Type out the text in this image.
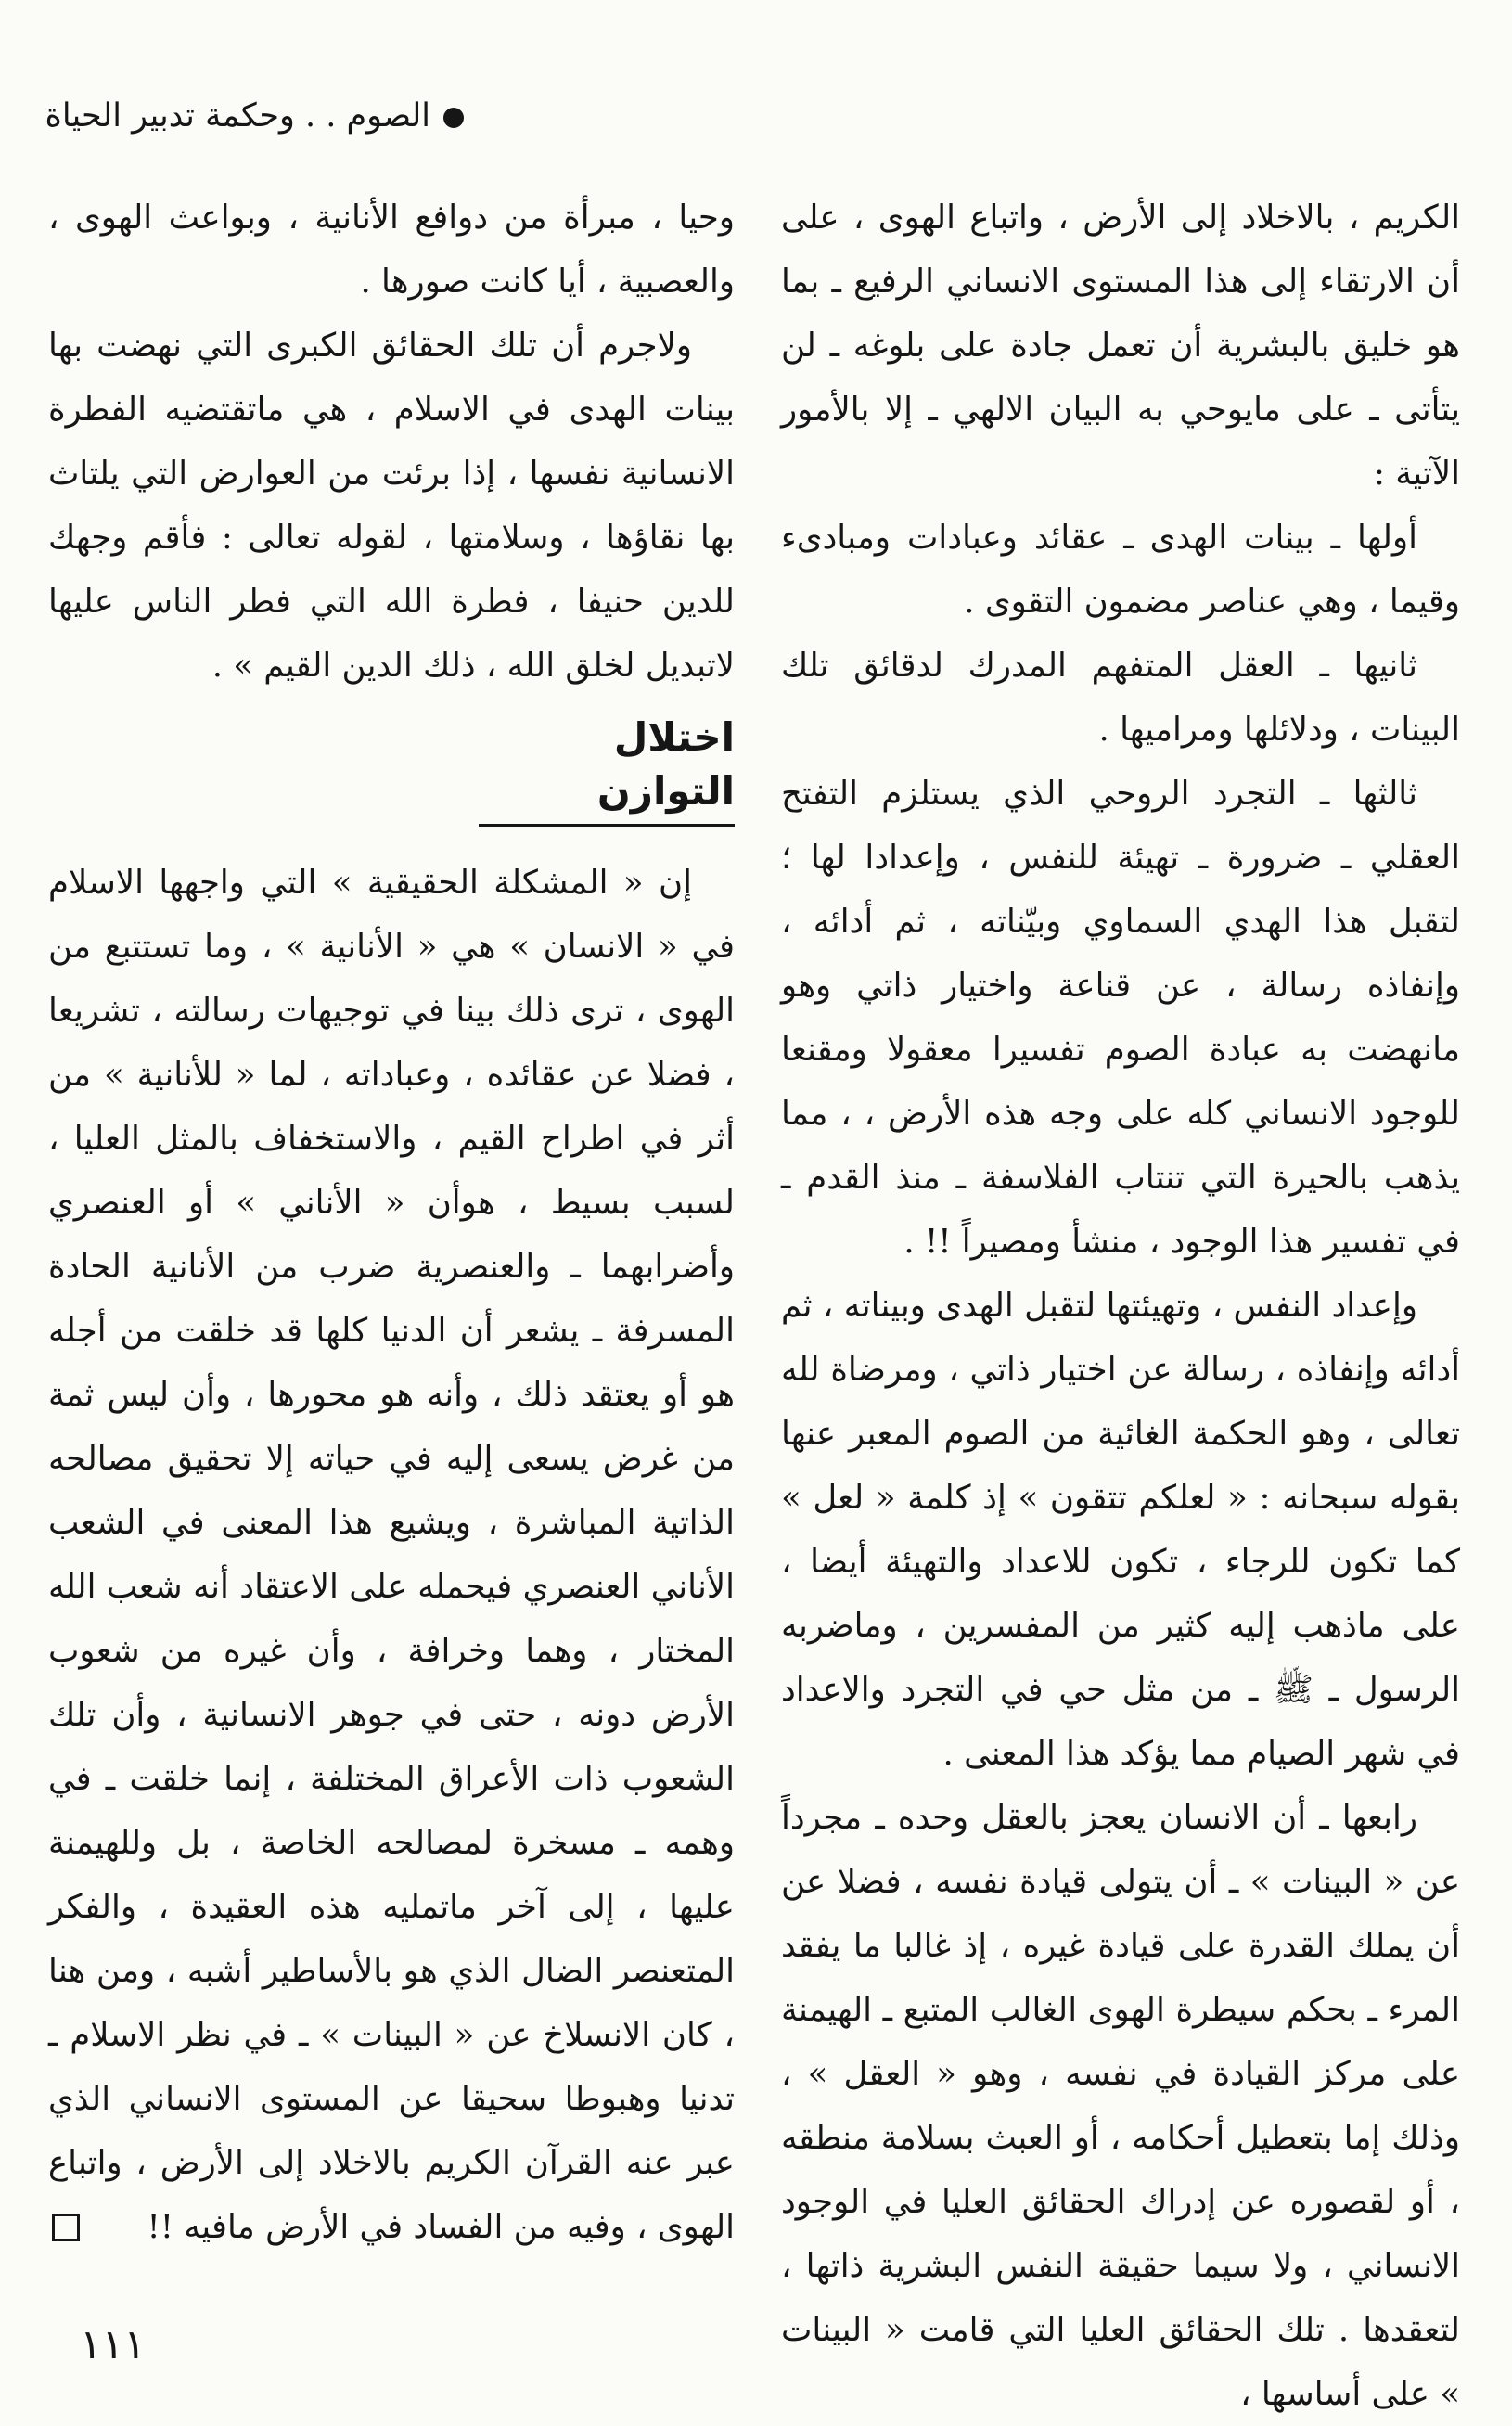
الصوم . . وحكمة تدبير الحياة

الكريم ، بالاخلاد إلى الأرض ، واتباع الهوى ، على أن الارتقاء إلى هذا المستوى الانساني الرفيع ـ بما هو خليق بالبشرية أن تعمل جادة على بلوغه ـ لن يتأتى ـ على مايوحي به البيان الالهي ـ إلا بالأمور الآتية :

أولها ـ بينات الهدى ـ عقائد وعبادات ومبادىء وقيما ، وهي عناصر مضمون التقوى .

ثانيها ـ العقل المتفهم المدرك لدقائق تلك البينات ، ودلائلها ومراميها .

ثالثها ـ التجرد الروحي الذي يستلزم التفتح العقلي ـ ضرورة ـ تهيئة للنفس ، وإعدادا لها ؛ لتقبل هذا الهدي السماوي وبيّناته ، ثم أدائه ، وإنفاذه رسالة ، عن قناعة واختيار ذاتي وهو مانهضت به عبادة الصوم تفسيرا معقولا ومقنعا للوجود الانساني كله على وجه هذه الأرض ، ، مما يذهب بالحيرة التي تنتاب الفلاسفة ـ منذ القدم ـ في تفسير هذا الوجود ، منشأ ومصيراً !! .

وإعداد النفس ، وتهيئتها لتقبل الهدى وبيناته ، ثم أدائه وإنفاذه ، رسالة عن اختيار ذاتي ، ومرضاة لله تعالى ، وهو الحكمة الغائية من الصوم المعبر عنها بقوله سبحانه : « لعلكم تتقون » إذ كلمة « لعل » كما تكون للرجاء ، تكون للاعداد والتهيئة أيضا ، على ماذهب إليه كثير من المفسرين ، وماضربه الرسول ـ ﷺ ـ من مثل حي في التجرد والاعداد في شهر الصيام مما يؤكد هذا المعنى .

رابعها ـ أن الانسان يعجز بالعقل وحده ـ مجرداً عن « البينات » ـ أن يتولى قيادة نفسه ، فضلا عن أن يملك القدرة على قيادة غيره ، إذ غالبا ما يفقد المرء ـ بحكم سيطرة الهوى الغالب المتبع ـ الهيمنة على مركز القيادة في نفسه ، وهو « العقل » ، وذلك إما بتعطيل أحكامه ، أو العبث بسلامة منطقه ، أو لقصوره عن إدراك الحقائق العليا في الوجود الانساني ، ولا سيما حقيقة النفس البشرية ذاتها ، لتعقدها . تلك الحقائق العليا التي قامت « البينات » على أساسها ،

وحيا ، مبرأة من دوافع الأنانية ، وبواعث الهوى ، والعصبية ، أيا كانت صورها .

ولاجرم أن تلك الحقائق الكبرى التي نهضت بها بينات الهدى في الاسلام ، هي ماتقتضيه الفطرة الانسانية نفسها ، إذا برئت من العوارض التي يلتاث بها نقاؤها ، وسلامتها ، لقوله تعالى : فأقم وجهك للدين حنيفا ، فطرة الله التي فطر الناس عليها لاتبديل لخلق الله ، ذلك الدين القيم » .

اختلال التوازن

إن « المشكلة الحقيقية » التي واجهها الاسلام في « الانسان » هي « الأنانية » ، وما تستتبع من الهوى ، ترى ذلك بينا في توجيهات رسالته ، تشريعا ، فضلا عن عقائده ، وعباداته ، لما « للأنانية » من أثر في اطراح القيم ، والاستخفاف بالمثل العليا ، لسبب بسيط ، هوأن « الأناني » أو العنصري وأضرابهما ـ والعنصرية ضرب من الأنانية الحادة المسرفة ـ يشعر أن الدنيا كلها قد خلقت من أجله هو أو يعتقد ذلك ، وأنه هو محورها ، وأن ليس ثمة من غرض يسعى إليه في حياته إلا تحقيق مصالحه الذاتية المباشرة ، ويشيع هذا المعنى في الشعب الأناني العنصري فيحمله على الاعتقاد أنه شعب الله المختار ، وهما وخرافة ، وأن غيره من شعوب الأرض دونه ، حتى في جوهر الانسانية ، وأن تلك الشعوب ذات الأعراق المختلفة ، إنما خلقت ـ في وهمه ـ مسخرة لمصالحه الخاصة ، بل وللهيمنة عليها ، إلى آخر ماتمليه هذه العقيدة ، والفكر المتعنصر الضال الذي هو بالأساطير أشبه ، ومن هنا ، كان الانسلاخ عن « البينات » ـ في نظر الاسلام ـ تدنيا وهبوطا سحيقا عن المستوى الانساني الذي عبر عنه القرآن الكريم بالاخلاد إلى الأرض ، واتباع الهوى ، وفيه من الفساد في الأرض مافيه !!

١١١
